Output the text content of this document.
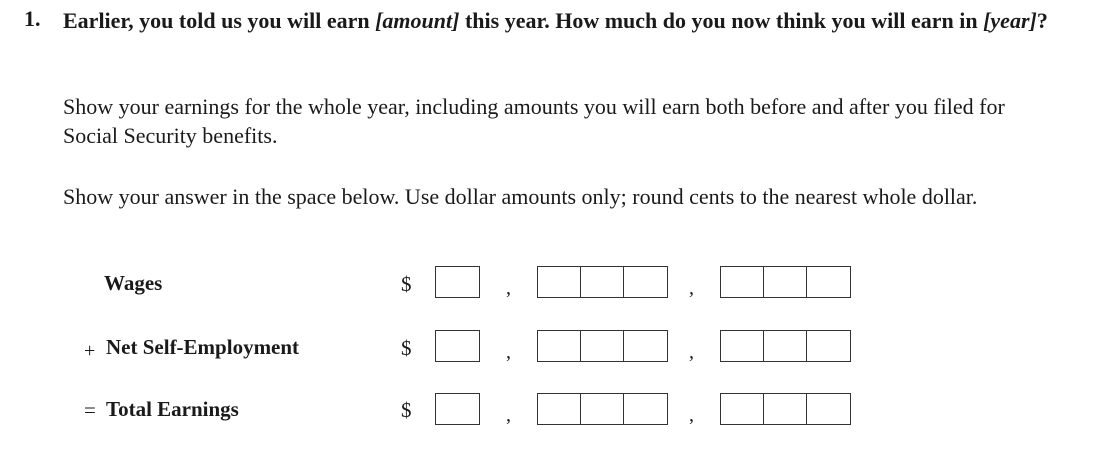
1. Earlier, you told us you will earn [amount] this year. How much do you now think you will earn in [year]?
Show your earnings for the whole year, including amounts you will earn both before and after you filed for Social Security benefits.
Show your answer in the space below. Use dollar amounts only; round cents to the nearest whole dollar.
Wages	$	,	,
+ Net Self-Employment	$	,	,
= Total Earnings	$	,	,
